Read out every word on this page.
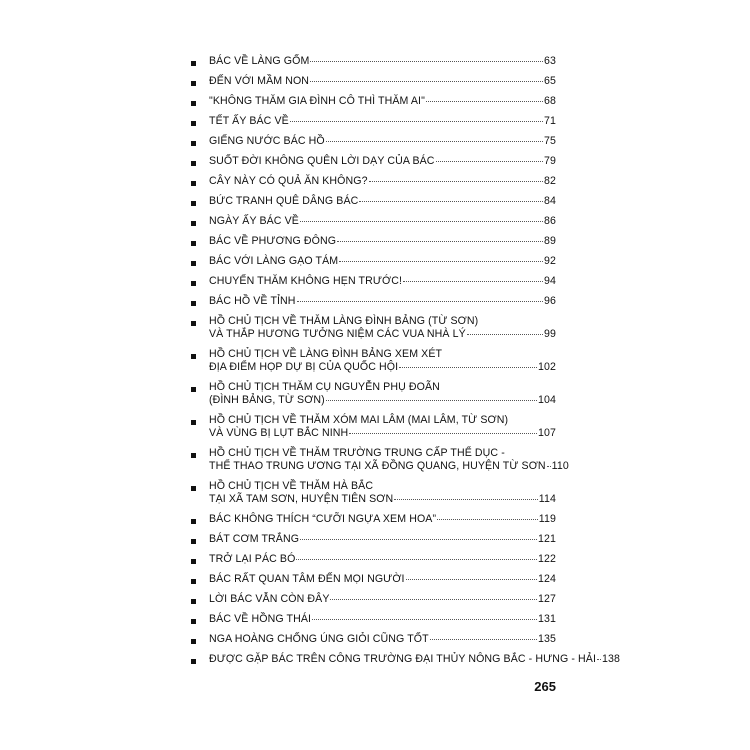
BÁC VỀ LÀNG GỐM	63
ĐẾN VỚI MẦM NON	65
"KHÔNG THĂM GIA ĐÌNH CÔ THÌ THĂM AI"	68
TẾT ẤY BÁC VỀ	71
GIẾNG NƯỚC BÁC HỒ	75
SUỐT ĐỜI KHÔNG QUÊN LỜI DẠY CỦA BÁC	79
CÂY NÀY CÓ QUẢ ĂN KHÔNG?	82
BỨC TRANH QUÊ DÂNG BÁC	84
NGÀY ẤY BÁC VỀ	86
BÁC VỀ PHƯƠNG ĐÔNG	89
BÁC VỚI LÀNG GẠO TÁM	92
CHUYẾN THĂM KHÔNG HẸN TRƯỚC!	94
BÁC HỒ VỀ TỈNH	96
HỒ CHỦ TỊCH VỀ THĂM LÀNG ĐÌNH BẢNG (TỪ SƠN)
VÀ THẮP HƯƠNG TƯỞNG NIỆM CÁC VUA NHÀ LÝ	99
HỒ CHỦ TỊCH VỀ LÀNG ĐÌNH BẢNG XEM XÉT
ĐỊA ĐIỂM HỌP DỰ BỊ CỦA QUỐC HỘI	102
HỒ CHỦ TỊCH THĂM CỤ NGUYỄN PHỤ ĐOÃN
(ĐÌNH BẢNG, TỪ SƠN)	104
HỒ CHỦ TỊCH VỀ THĂM XÓM MAI LÂM (MAI LÂM, TỪ SƠN)
VÀ VÙNG BỊ LỤT BẮC NINH	107
HỒ CHỦ TỊCH VỀ THĂM TRƯỜNG TRUNG CẤP THỂ DỤC -
THỂ THAO TRUNG ƯƠNG TẠI XÃ ĐỒNG QUANG, HUYỆN TỪ SƠN 110
HỒ CHỦ TỊCH VỀ THĂM HÀ BẮC
TẠI XÃ TAM SƠN, HUYỆN TIÊN SƠN	114
BÁC KHÔNG THÍCH “CƯỠI NGỰA XEM HOA”	119
BÁT CƠM TRẮNG	121
TRỞ LẠI PÁC BÓ	122
BÁC RẤT QUAN TÂM ĐẾN MỌI NGƯỜI	124
LỜI BÁC VẪN CÒN ĐÂY	127
BÁC VỀ HỒNG THÁI	131
NGA HOÀNG CHỐNG ÚNG GIỎI CŨNG TỐT	135
ĐƯỢC GẶP BÁC TRÊN CÔNG TRƯỜNG ĐẠI THỦY NÔNG BẮC - HƯNG - HẢI 138
265
